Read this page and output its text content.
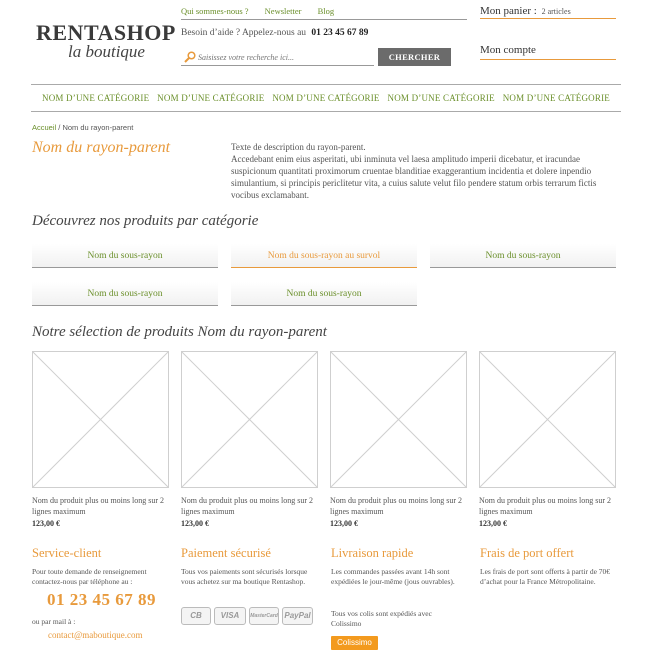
RENTASHOP
la boutique
Qui sommes-nous ? Newsletter Blog
Besoin d’aide ? Appelez-nous au 01 23 45 67 89
Saisissez votre recherche ici...
CHERCHER
Mon panier : 2 articles
Mon compte
NOM D’UNE CATÉGORIE NOM D’UNE CATÉGORIE NOM D’UNE CATÉGORIE NOM D’UNE CATÉGORIE NOM D’UNE CATÉGORIE
Accueil / Nom du rayon-parent
Nom du rayon-parent	Texte de description du rayon-parent.
Accedebant enim eius asperitati, ubi inminuta vel laesa amplitudo imperii dicebatur, et iracundae suspicionum quantitati proximorum cruentae blanditiae exaggerantium incidentia et dolere inpendio simulantium, si principis periclitetur vita, a cuius salute velut filo pendere statum orbis terrarum fictis vocibus exclamabant.
Découvrez nos produits par catégorie
Nom du sous-rayon	Nom du sous-rayon au survol	Nom du sous-rayon
Nom du sous-rayon	Nom du sous-rayon
Notre sélection de produits Nom du rayon-parent
Nom du produit plus ou moins long sur 2 lignes maximum
123,00 €
Nom du produit plus ou moins long sur 2 lignes maximum
123,00 €
Nom du produit plus ou moins long sur 2 lignes maximum
123,00 €
Nom du produit plus ou moins long sur 2 lignes maximum
123,00 €
Service-client
Pour toute demande de renseignement contactez-nous par téléphone au :
01 23 45 67 89
ou par mail à :
contact@maboutique.com
Paiement sécurisé
Tous vos paiements sont sécurisés lorsque vous achetez sur ma boutique Rentashop.
CB	VISA	MasterCard PayPal
Livraison rapide
Les commandes passées avant 14h sont expédiées le jour-même (jous ouvrables).
Tous vos colis sont expédiés avec Colissimo
Colissimo
Frais de port offert
Les frais de port sont offerts à partir de 70€ d’achat pour la France Métropolitaine.
